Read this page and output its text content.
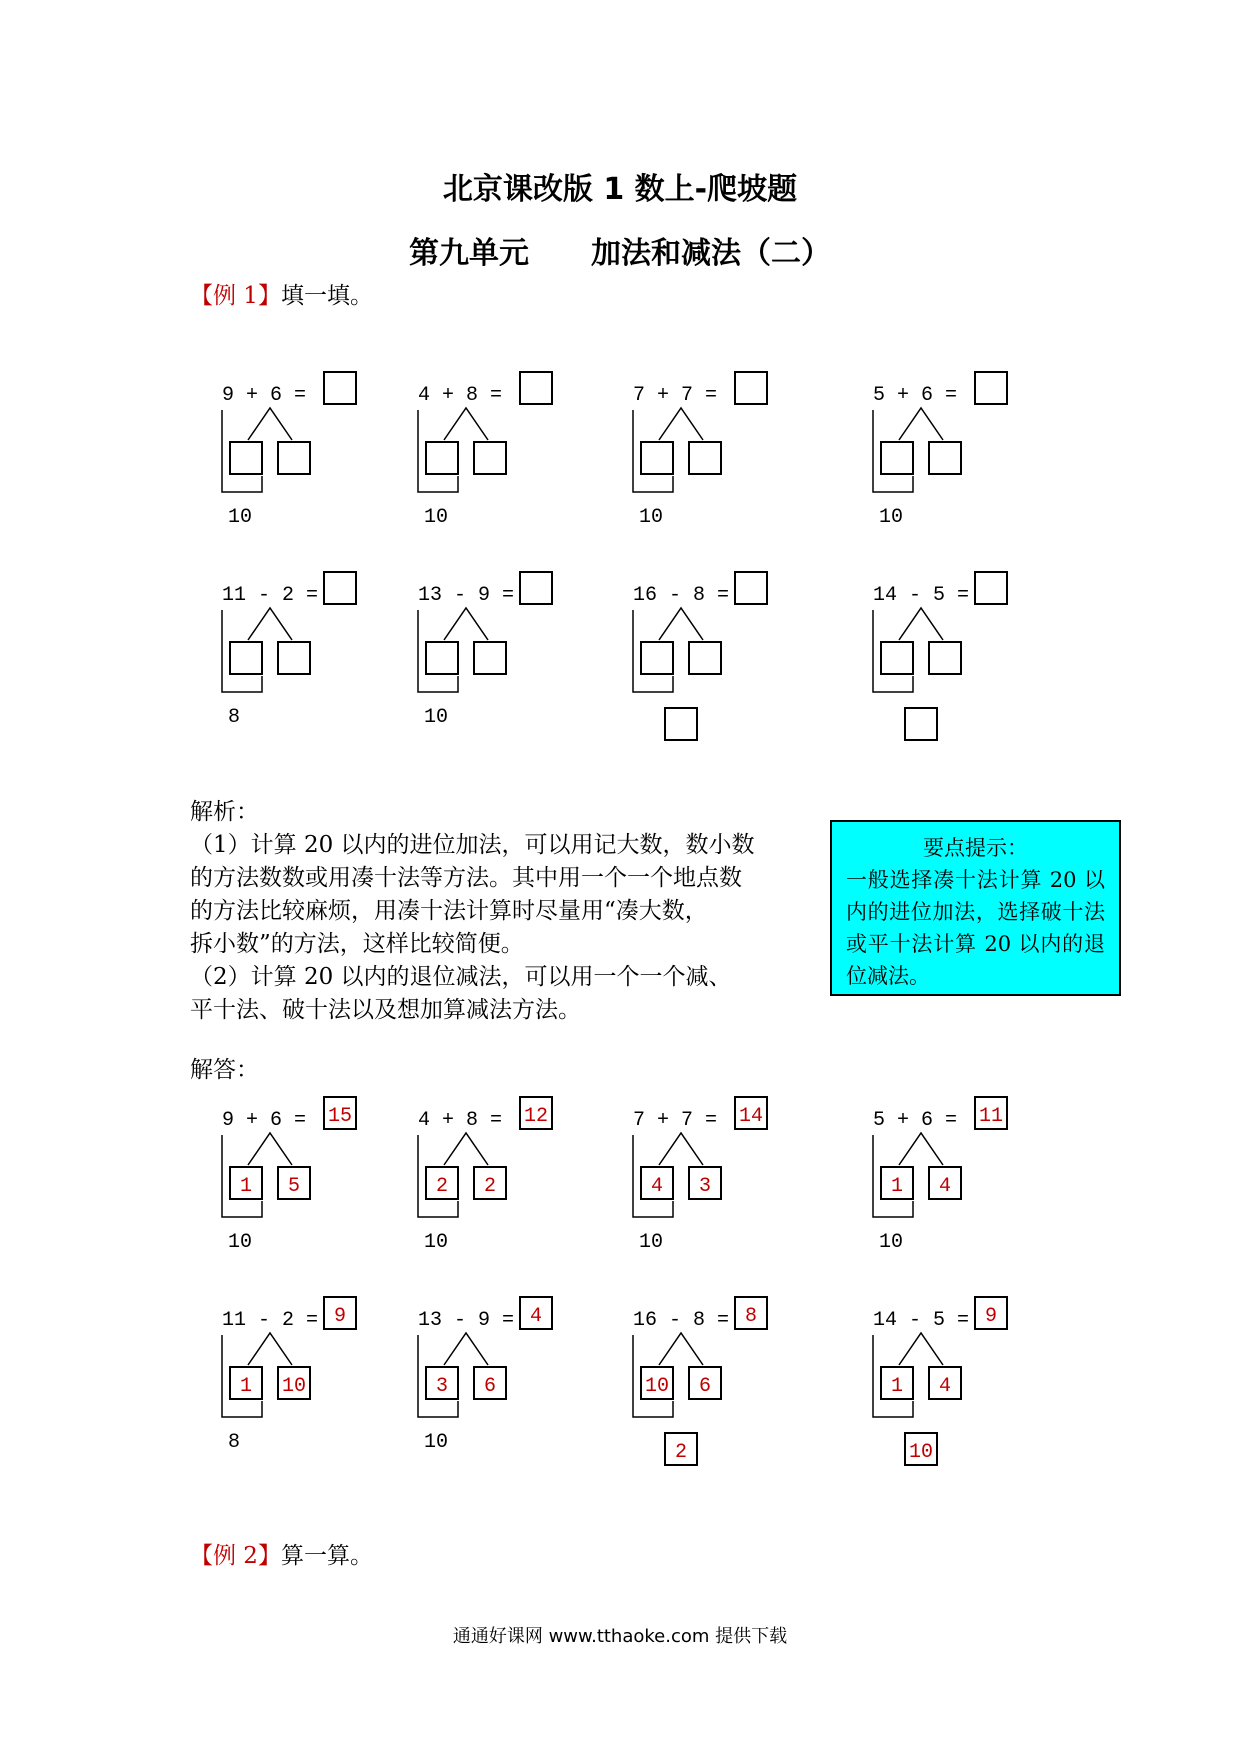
北京课改版 1 数上-爬坡题
第九单元 加法和减法（二）
【例 1】填一填。
9 + 6 =
10
9 + 6 = 15
1 5
10
4 + 8 =
10
4 + 8 = 12
2 2
10
7 + 7 =
10
7 + 7 = 14
4 3
10
5 + 6 =
10
5 + 6 = 11
1 4
10
11 - 2 =
8
11 - 2 = 9
1 10
8
13 - 9 =
10
13 - 9 = 4
3 6
10
16 - 8 =
16 - 8 = 8
10 6
2
14 - 5 =
14 - 5 = 9
1 4
10
解析：
（1）计算 20 以内的进位加法，可以用记大数，数小数
的方法数数或用凑十法等方法。其中用一个一个地点数
的方法比较麻烦，用凑十法计算时尽量用“凑大数，
拆小数”的方法，这样比较简便。
（2）计算 20 以内的退位减法，可以用一个一个减、
平十法、破十法以及想加算减法方法。
要点提示：
一般选择凑十法计算 20 以内的进位加法，选择破十法或平十法计算 20 以内的退位减法。
解答：
【例 2】算一算。
通通好课网 www.tthaoke.com 提供下载
